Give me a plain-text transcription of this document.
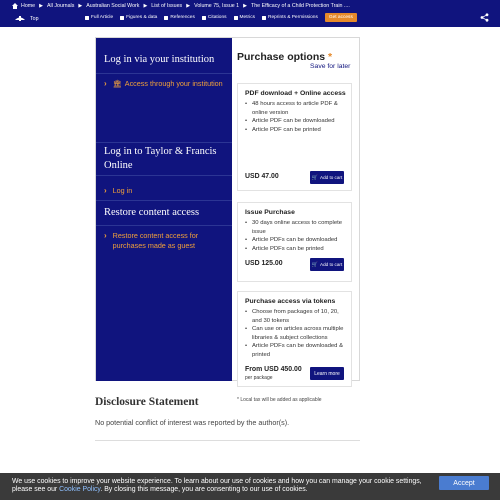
Home ▶ All Journals ▶ Australian Social Work ▶ List of Issues ▶ Volume 75, Issue 1 ▶ The Efficacy of a Child Protection Train ....
Top	Full Article	Figures & data	References	Citations	Metrics	Reprints & Permissions	Get access
Log in via your institution
› 🏛 Access through your institution
Log in to Taylor & Francis Online
› Log in
Restore content access
› Restore content access for purchases made as guest
Purchase options *
Save for later
PDF download + Online access
• 48 hours access to article PDF & online version
• Article PDF can be downloaded
• Article PDF can be printed
USD 47.00	🛒 Add to cart
Issue Purchase
• 30 days online access to complete issue
• Article PDFs can be downloaded
• Article PDFs can be printed
USD 125.00	🛒 Add to cart
Purchase access via tokens
• Choose from packages of 10, 20, and 30 tokens
• Can use on articles across multiple libraries & subject collections
• Article PDFs can be downloaded & printed
From USD 450.00
per package
Learn more
* Local tax will be added as applicable
Disclosure Statement
No potential conflict of interest was reported by the author(s).
We use cookies to improve your website experience. To learn about our use of cookies and how you can manage your cookie settings, please see our Cookie Policy. By closing this message, you are consenting to our use of cookies.
Accept
